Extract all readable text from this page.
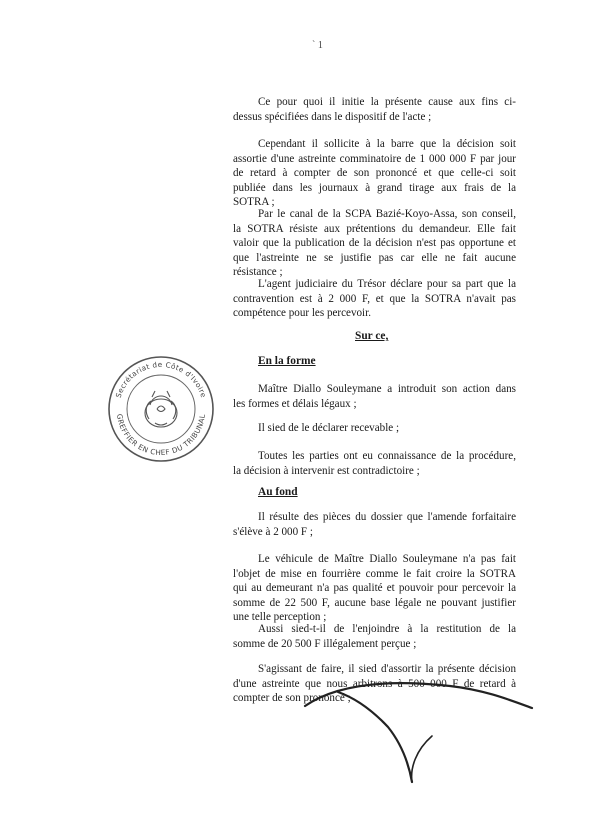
` 1
Ce pour quoi il initie la présente cause aux fins ci-
dessus spécifiées dans le dispositif de l'acte ;
Cependant il sollicite à la barre que la décision soit
assortie d'une astreinte comminatoire de 1 000 000 F par jour
de retard à compter de son prononcé et que celle-ci soit
publiée dans les journaux à grand tirage aux frais de la
SOTRA ;
Par le canal de la SCPA Bazié-Koyo-Assa, son conseil,
la SOTRA résiste aux prétentions du demandeur. Elle fait
valoir que la publication de la décision n'est pas opportune et
que l'astreinte ne se justifie pas car elle ne fait aucune
résistance ;
L'agent judiciaire du Trésor déclare pour sa part que la
contravention est à 2 000 F, et que la SOTRA n'avait pas
compétence pour les percevoir.
Sur ce,
En la forme
Maître Diallo Souleymane a introduit son action dans
les formes et délais légaux ;
Il sied de le déclarer recevable ;
Toutes les parties ont eu connaissance de la procédure,
la décision à intervenir est contradictoire ;
Au fond
Il résulte des pièces du dossier que l'amende forfaitaire
s'élève à 2 000 F ;
Le véhicule de Maître Diallo Souleymane n'a pas fait
l'objet de mise en fourrière comme le fait croire la SOTRA
qui au demeurant n'a pas qualité et pouvoir pour percevoir la
somme de 22 500 F, aucune base légale ne pouvant justifier
une telle perception ;
Aussi sied-t-il de l'enjoindre à la restitution de la
somme de 20 500 F illégalement perçue ;
S'agissant de faire, il sied d'assortir la présente décision
d'une astreinte que nous arbitrons à 500 000 F de retard à
compter de son prononcé ;
Secrétariat de Côte d'Ivoire
GREFFIER EN CHEF DU TRIBUNAL
